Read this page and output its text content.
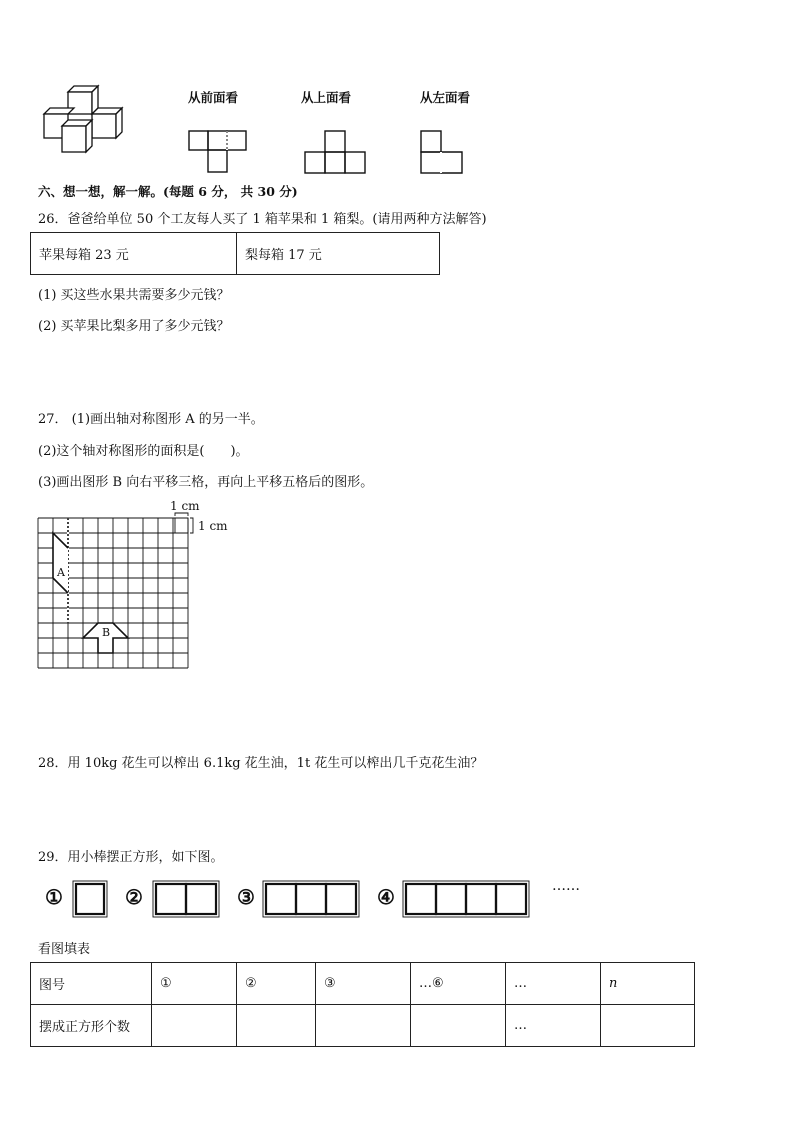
从前面看	从上面看	从左面看
六、想一想，解一解。(每题 6 分， 共 30 分)
26．爸爸给单位 50 个工友每人买了 1 箱苹果和 1 箱梨。(请用两种方法解答)
苹果每箱 23 元	梨每箱 17 元
(1) 买这些水果共需要多少元钱？
(2) 买苹果比梨多用了多少元钱？
27． (1)画出轴对称图形 A 的另一半。
(2)这个轴对称图形的面积是(　　)。
(3)画出图形 B 向右平移三格，再向上平移五格后的图形。
A
B
1 cm
1 cm
28．用 10kg 花生可以榨出 6.1kg 花生油，1t 花生可以榨出几千克花生油？
29．用小棒摆正方形，如下图。
①	②	③	④	……
看图填表
图号	①	②	③	…⑥	…	n
摆成正方形个数					…	
